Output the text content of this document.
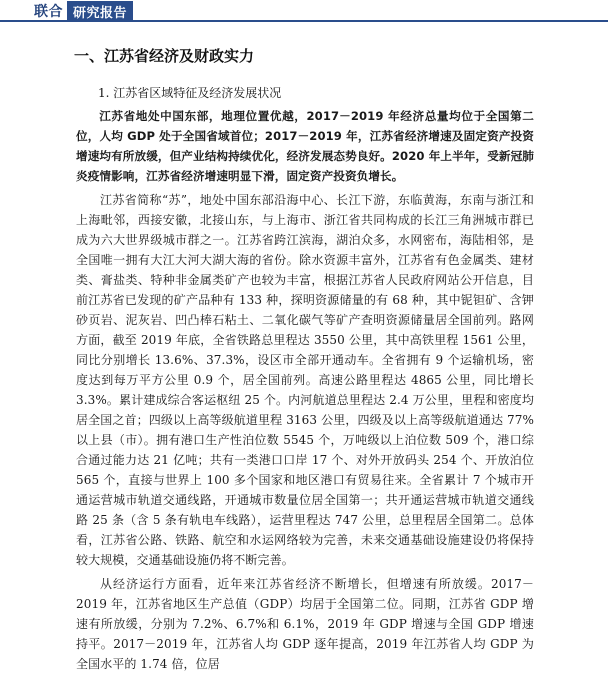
联合 研究报告
一、江苏省经济及财政实力
1. 江苏省区域特征及经济发展状况

江苏省地处中国东部，地理位置优越，2017－2019 年经济总量均位于全国第二位，人均 GDP 处于全国省域首位；2017－2019 年，江苏省经济增速及固定资产投资增速均有所放缓，但产业结构持续优化，经济发展态势良好。2020 年上半年，受新冠肺炎疫情影响，江苏省经济增速明显下滑，固定资产投资负增长。

江苏省简称“苏”，地处中国东部沿海中心、长江下游，东临黄海，东南与浙江和上海毗邻，西接安徽，北接山东，与上海市、浙江省共同构成的长江三角洲城市群已成为六大世界级城市群之一。江苏省跨江滨海，湖泊众多，水网密布，海陆相邻，是全国唯一拥有大江大河大湖大海的省份。除水资源丰富外，江苏省有色金属类、建材类、膏盐类、特种非金属类矿产也较为丰富，根据江苏省人民政府网站公开信息，目前江苏省已发现的矿产品种有 133 种，探明资源储量的有 68 种，其中铌钽矿、含钾砂页岩、泥灰岩、凹凸棒石粘土、二氧化碳气等矿产查明资源储量居全国前列。路网方面，截至 2019 年底，全省铁路总里程达 3550 公里，其中高铁里程 1561 公里，同比分别增长 13.6%、37.3%，设区市全部开通动车。全省拥有 9 个运输机场，密度达到每万平方公里 0.9 个，居全国前列。高速公路里程达 4865 公里，同比增长 3.3%。累计建成综合客运枢纽 25 个。内河航道总里程达 2.4 万公里，里程和密度均居全国之首；四级以上高等级航道里程 3163 公里，四级及以上高等级航道通达 77%以上县（市）。拥有港口生产性泊位数 5545 个，万吨级以上泊位数 509 个，港口综合通过能力达 21 亿吨；共有一类港口口岸 17 个、对外开放码头 254 个、开放泊位 565 个，直接与世界上 100 多个国家和地区港口有贸易往来。全省累计 7 个城市开通运营城市轨道交通线路，开通城市数量位居全国第一；共开通运营城市轨道交通线路 25 条（含 5 条有轨电车线路），运营里程达 747 公里，总里程居全国第二。总体看，江苏省公路、铁路、航空和水运网络较为完善，未来交通基础设施建设仍将保持较大规模，交通基础设施仍将不断完善。

从经济运行方面看，近年来江苏省经济不断增长，但增速有所放缓。2017－2019 年，江苏省地区生产总值（GDP）均居于全国第二位。同期，江苏省 GDP 增速有所放缓，分别为 7.2%、6.7%和 6.1%，2019 年 GDP 增速与全国 GDP 增速持平。2017－2019 年，江苏省人均 GDP 逐年提高，2019 年江苏省人均 GDP 为全国水平的 1.74 倍，位居
